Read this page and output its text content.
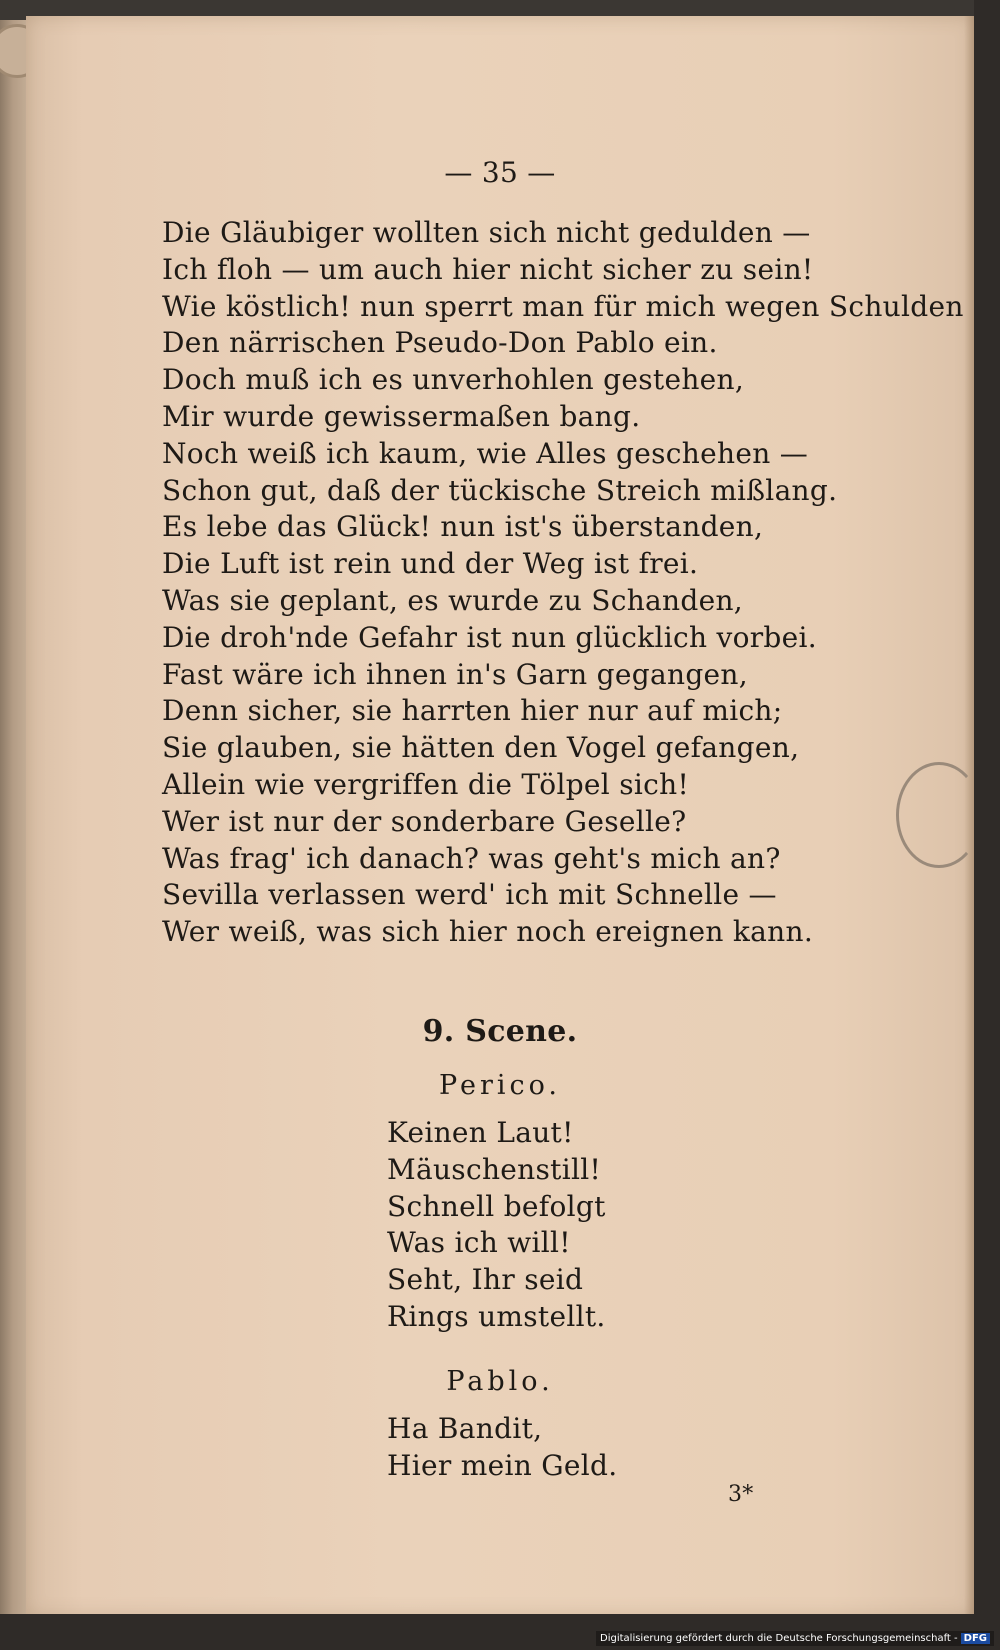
— 35 —
Die Gläubiger wollten sich nicht gedulden —
Ich floh — um auch hier nicht sicher zu sein!
Wie köstlich! nun sperrt man für mich wegen Schulden
Den närrischen Pseudo-Don Pablo ein.
Doch muß ich es unverhohlen gestehen,
Mir wurde gewissermaßen bang.
Noch weiß ich kaum, wie Alles geschehen —
Schon gut, daß der tückische Streich mißlang.
Es lebe das Glück! nun ist's überstanden,
Die Luft ist rein und der Weg ist frei.
Was sie geplant, es wurde zu Schanden,
Die droh'nde Gefahr ist nun glücklich vorbei.
Fast wäre ich ihnen in's Garn gegangen,
Denn sicher, sie harrten hier nur auf mich;
Sie glauben, sie hätten den Vogel gefangen,
Allein wie vergriffen die Tölpel sich!
Wer ist nur der sonderbare Geselle?
Was frag' ich danach? was geht's mich an?
Sevilla verlassen werd' ich mit Schnelle —
Wer weiß, was sich hier noch ereignen kann.
9. Scene.
Perico.
Keinen Laut!
Mäuschenstill!
Schnell befolgt
Was ich will!
Seht, Ihr seid
Rings umstellt.
Pablo.
Ha Bandit,
Hier mein Geld.
3*
Digitalisierung gefördert durch die Deutsche Forschungsgemeinschaft - DFG
